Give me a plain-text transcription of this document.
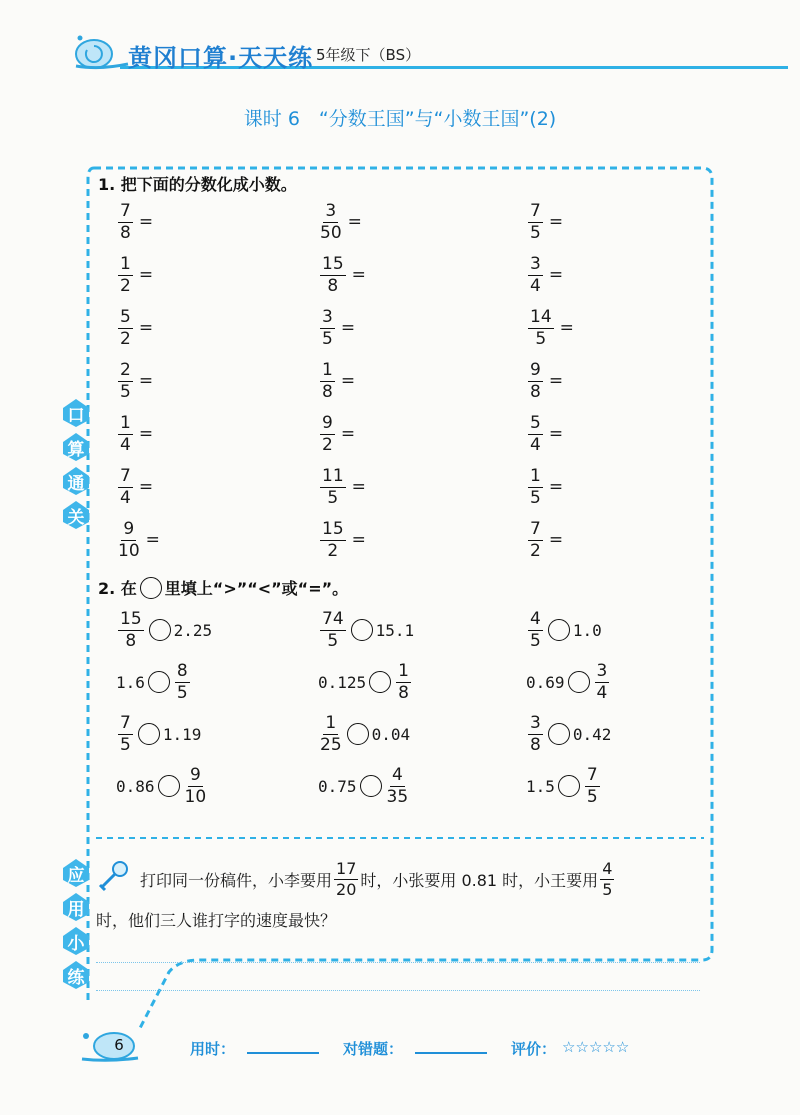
黄冈口算·天天练 5年级下（BS）
课时 6　“分数王国”与“小数王国”(2)
口
算
通
关
应
用
小
练
1. 把下面的分数化成小数。
$\frac{7}{8}$ =	$\frac{3}{50}$ =	$\frac{7}{5}$ =
$\frac{1}{2}$ =	$\frac{15}{8}$ =	$\frac{3}{4}$ =
$\frac{5}{2}$ =	$\frac{3}{5}$ =	$\frac{14}{5}$ =
$\frac{2}{5}$ =	$\frac{1}{8}$ =	$\frac{9}{8}$ =
$\frac{1}{4}$ =	$\frac{9}{2}$ =	$\frac{5}{4}$ =
$\frac{7}{4}$ =	$\frac{11}{5}$ =	$\frac{1}{5}$ =
$\frac{9}{10}$ =	$\frac{15}{2}$ =	$\frac{7}{2}$ =
2. 在 里填上“>”“<”或“=”。
$\frac{15}{8} 2.25$	$\frac{74}{5} 15.1$	$\frac{4}{5} 1.0$
$1.6 \frac{8}{5}$	$0.125 \frac{1}{8}$	$0.69 \frac{3}{4}$
$\frac{7}{5} 1.19$	$\frac{1}{25} 0.04$	$\frac{3}{8} 0.42$
$0.86 \frac{9}{10}$	$0.75 \frac{4}{35}$	$1.5 \frac{7}{5}$
打印同一份稿件，小李要用 $\frac{17}{20}$ 时，小张要用 0.81 时，小王要用 $\frac{4}{5}$
时，他们三人谁打字的速度最快？
6	用时：	对错题：	评价： ☆☆☆☆☆
